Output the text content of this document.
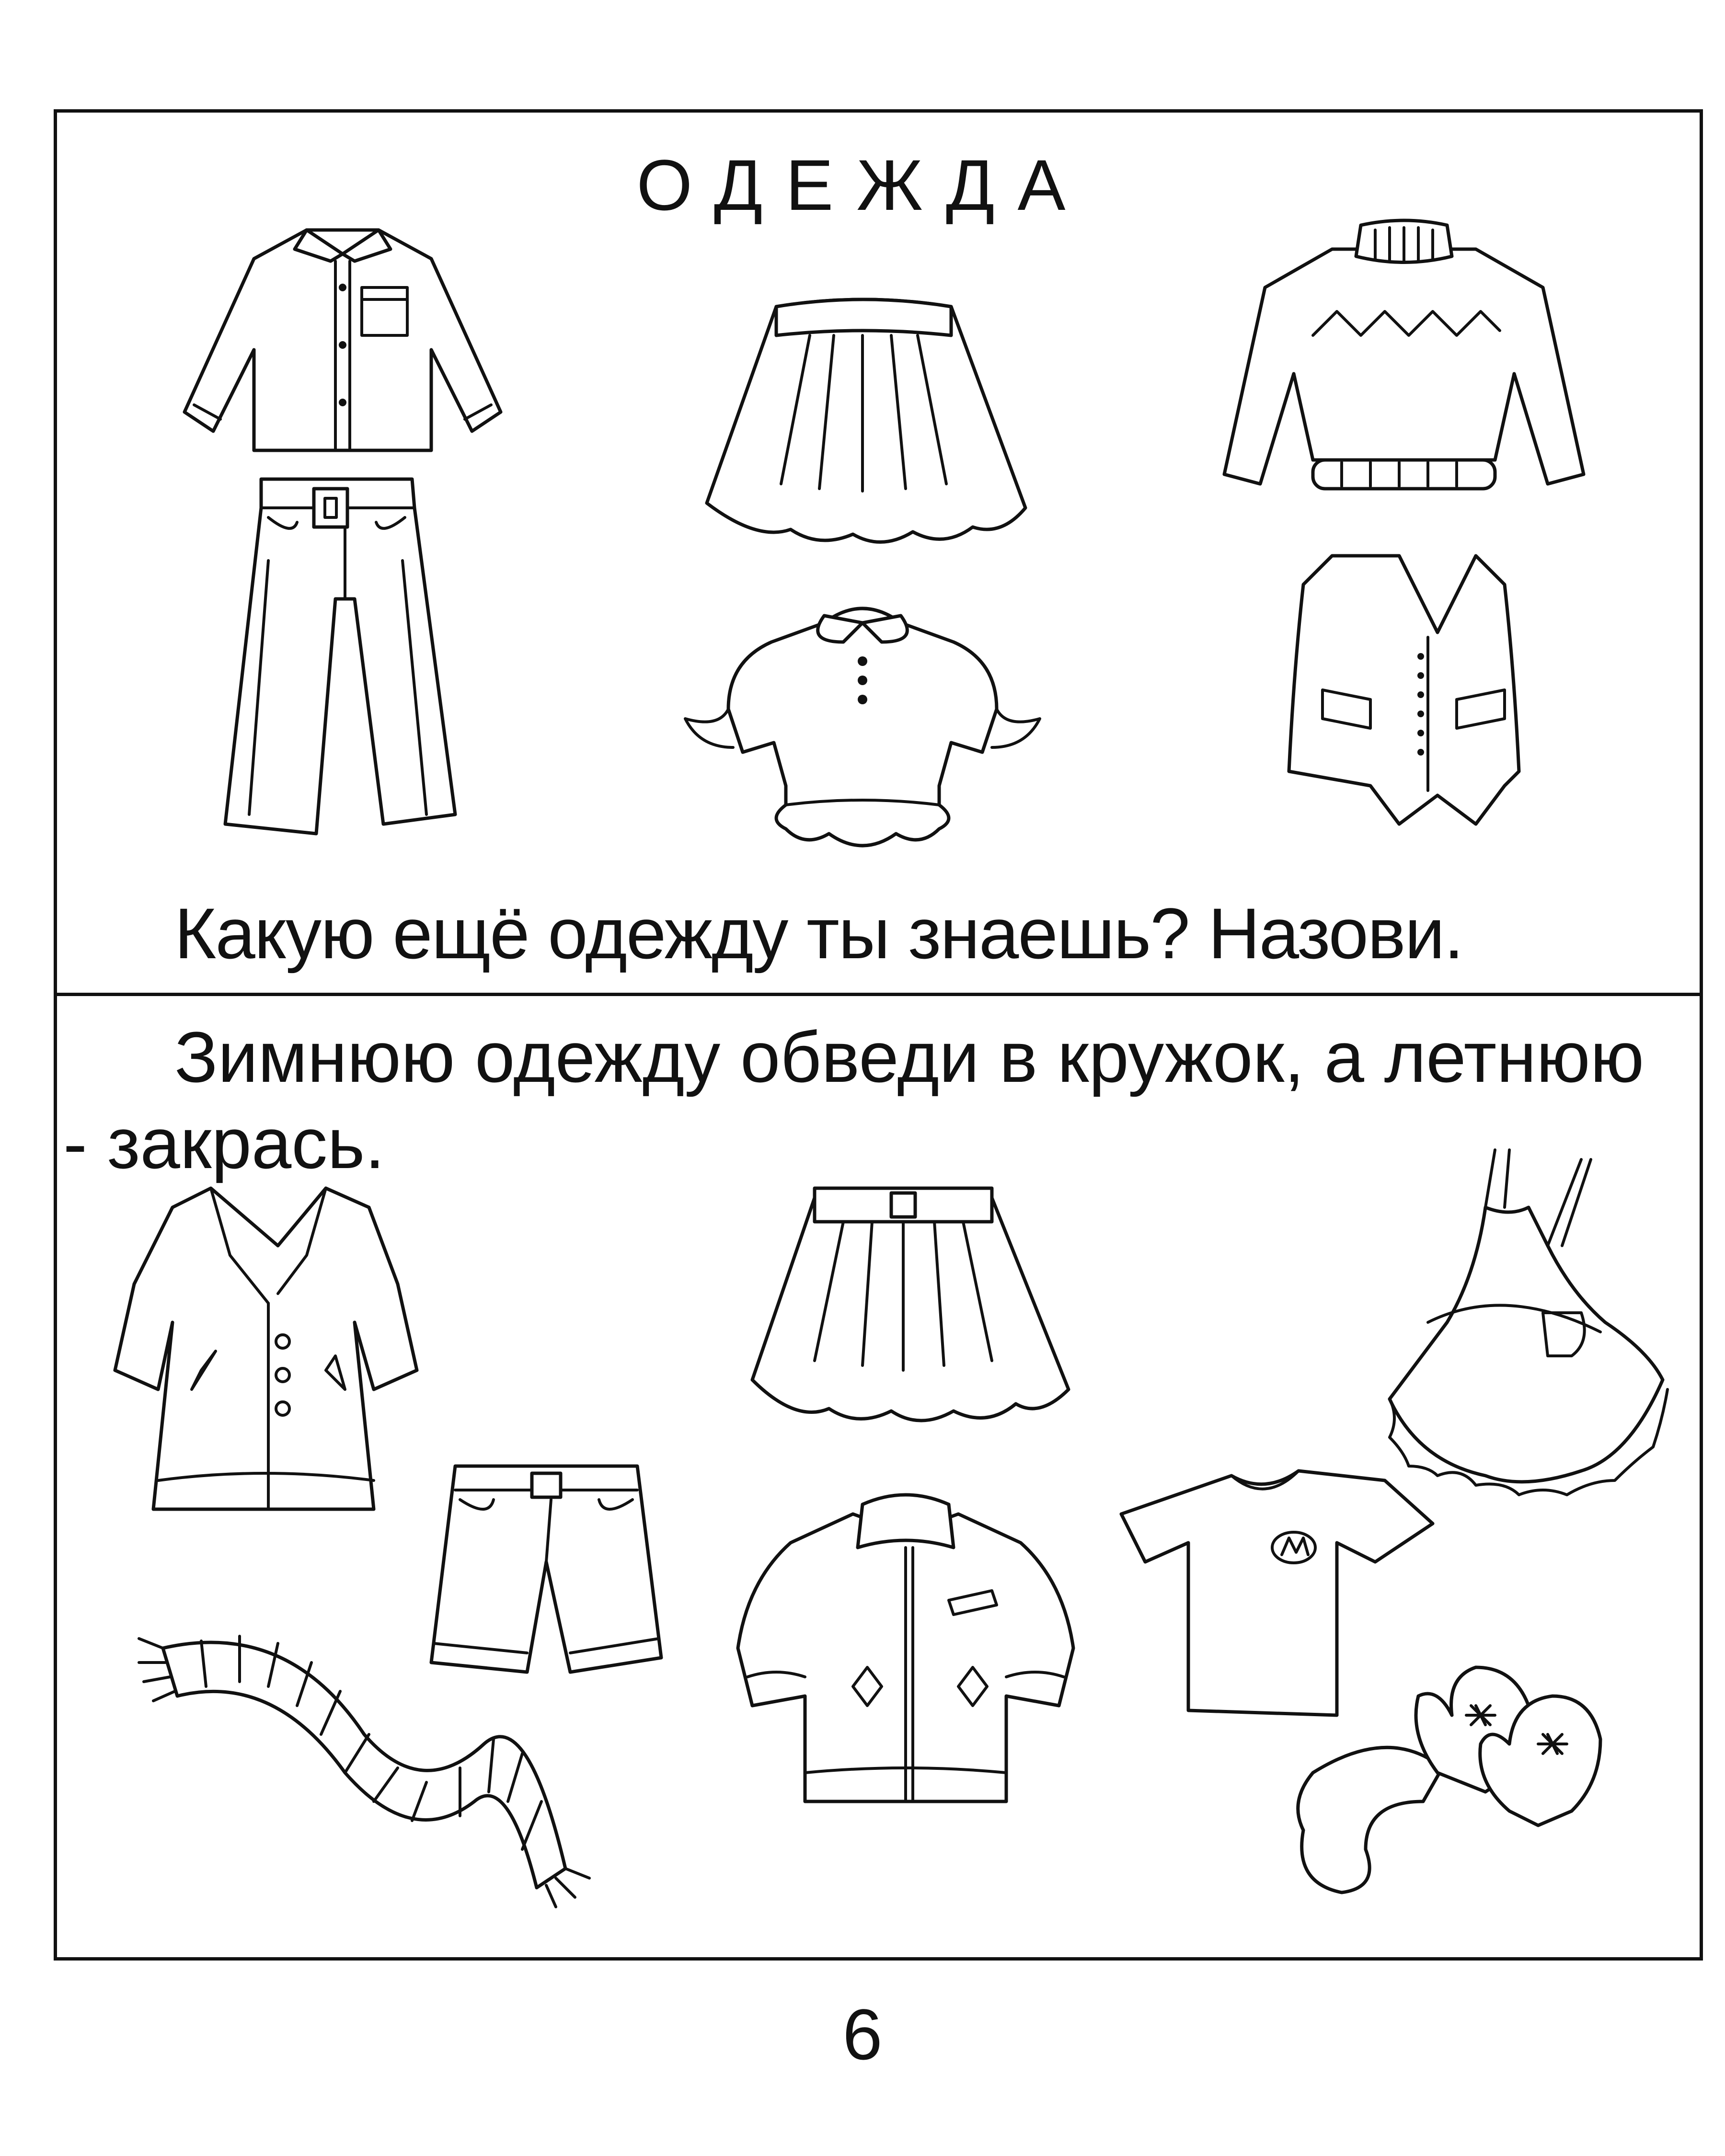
ОДЕЖДА
Какую ещё одежду ты знаешь? Назови.
Зимнюю одежду обведи в кружок, а летнюю
- закрась.
6
